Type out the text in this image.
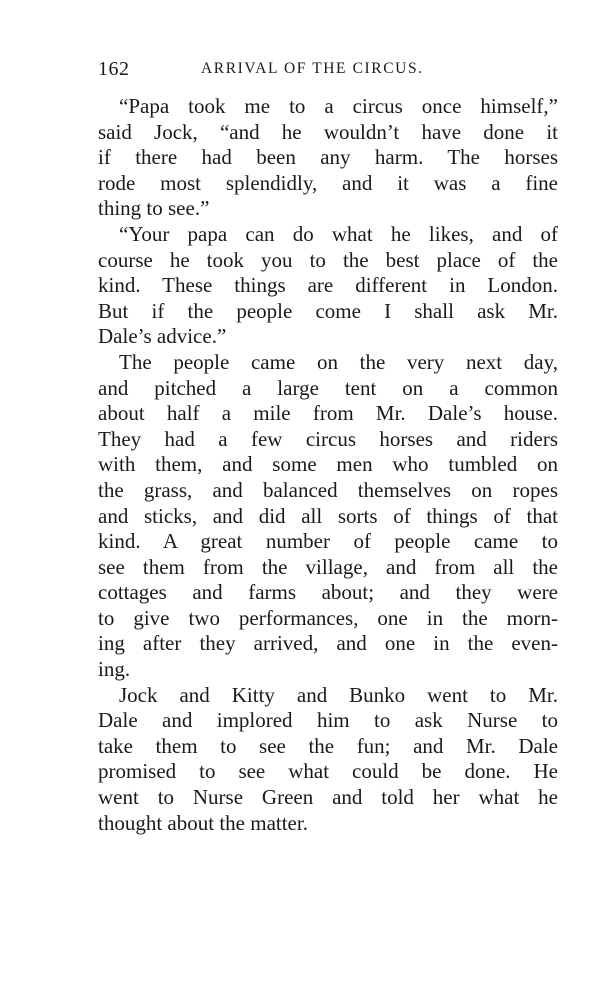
162	ARRIVAL OF THE CIRCUS.
“Papa took me to a circus once himself,”
said Jock, “and he wouldn’t have done it
if there had been any harm. The horses
rode most splendidly, and it was a fine
thing to see.”
“Your papa can do what he likes, and of
course he took you to the best place of the
kind. These things are different in London.
But if the people come I shall ask Mr.
Dale’s advice.”
The people came on the very next day,
and pitched a large tent on a common
about half a mile from Mr. Dale’s house.
They had a few circus horses and riders
with them, and some men who tumbled on
the grass, and balanced themselves on ropes
and sticks, and did all sorts of things of that
kind. A great number of people came to
see them from the village, and from all the
cottages and farms about; and they were
to give two performances, one in the morn-
ing after they arrived, and one in the even-
ing.
Jock and Kitty and Bunko went to Mr.
Dale and implored him to ask Nurse to
take them to see the fun; and Mr. Dale
promised to see what could be done. He
went to Nurse Green and told her what he
thought about the matter.
